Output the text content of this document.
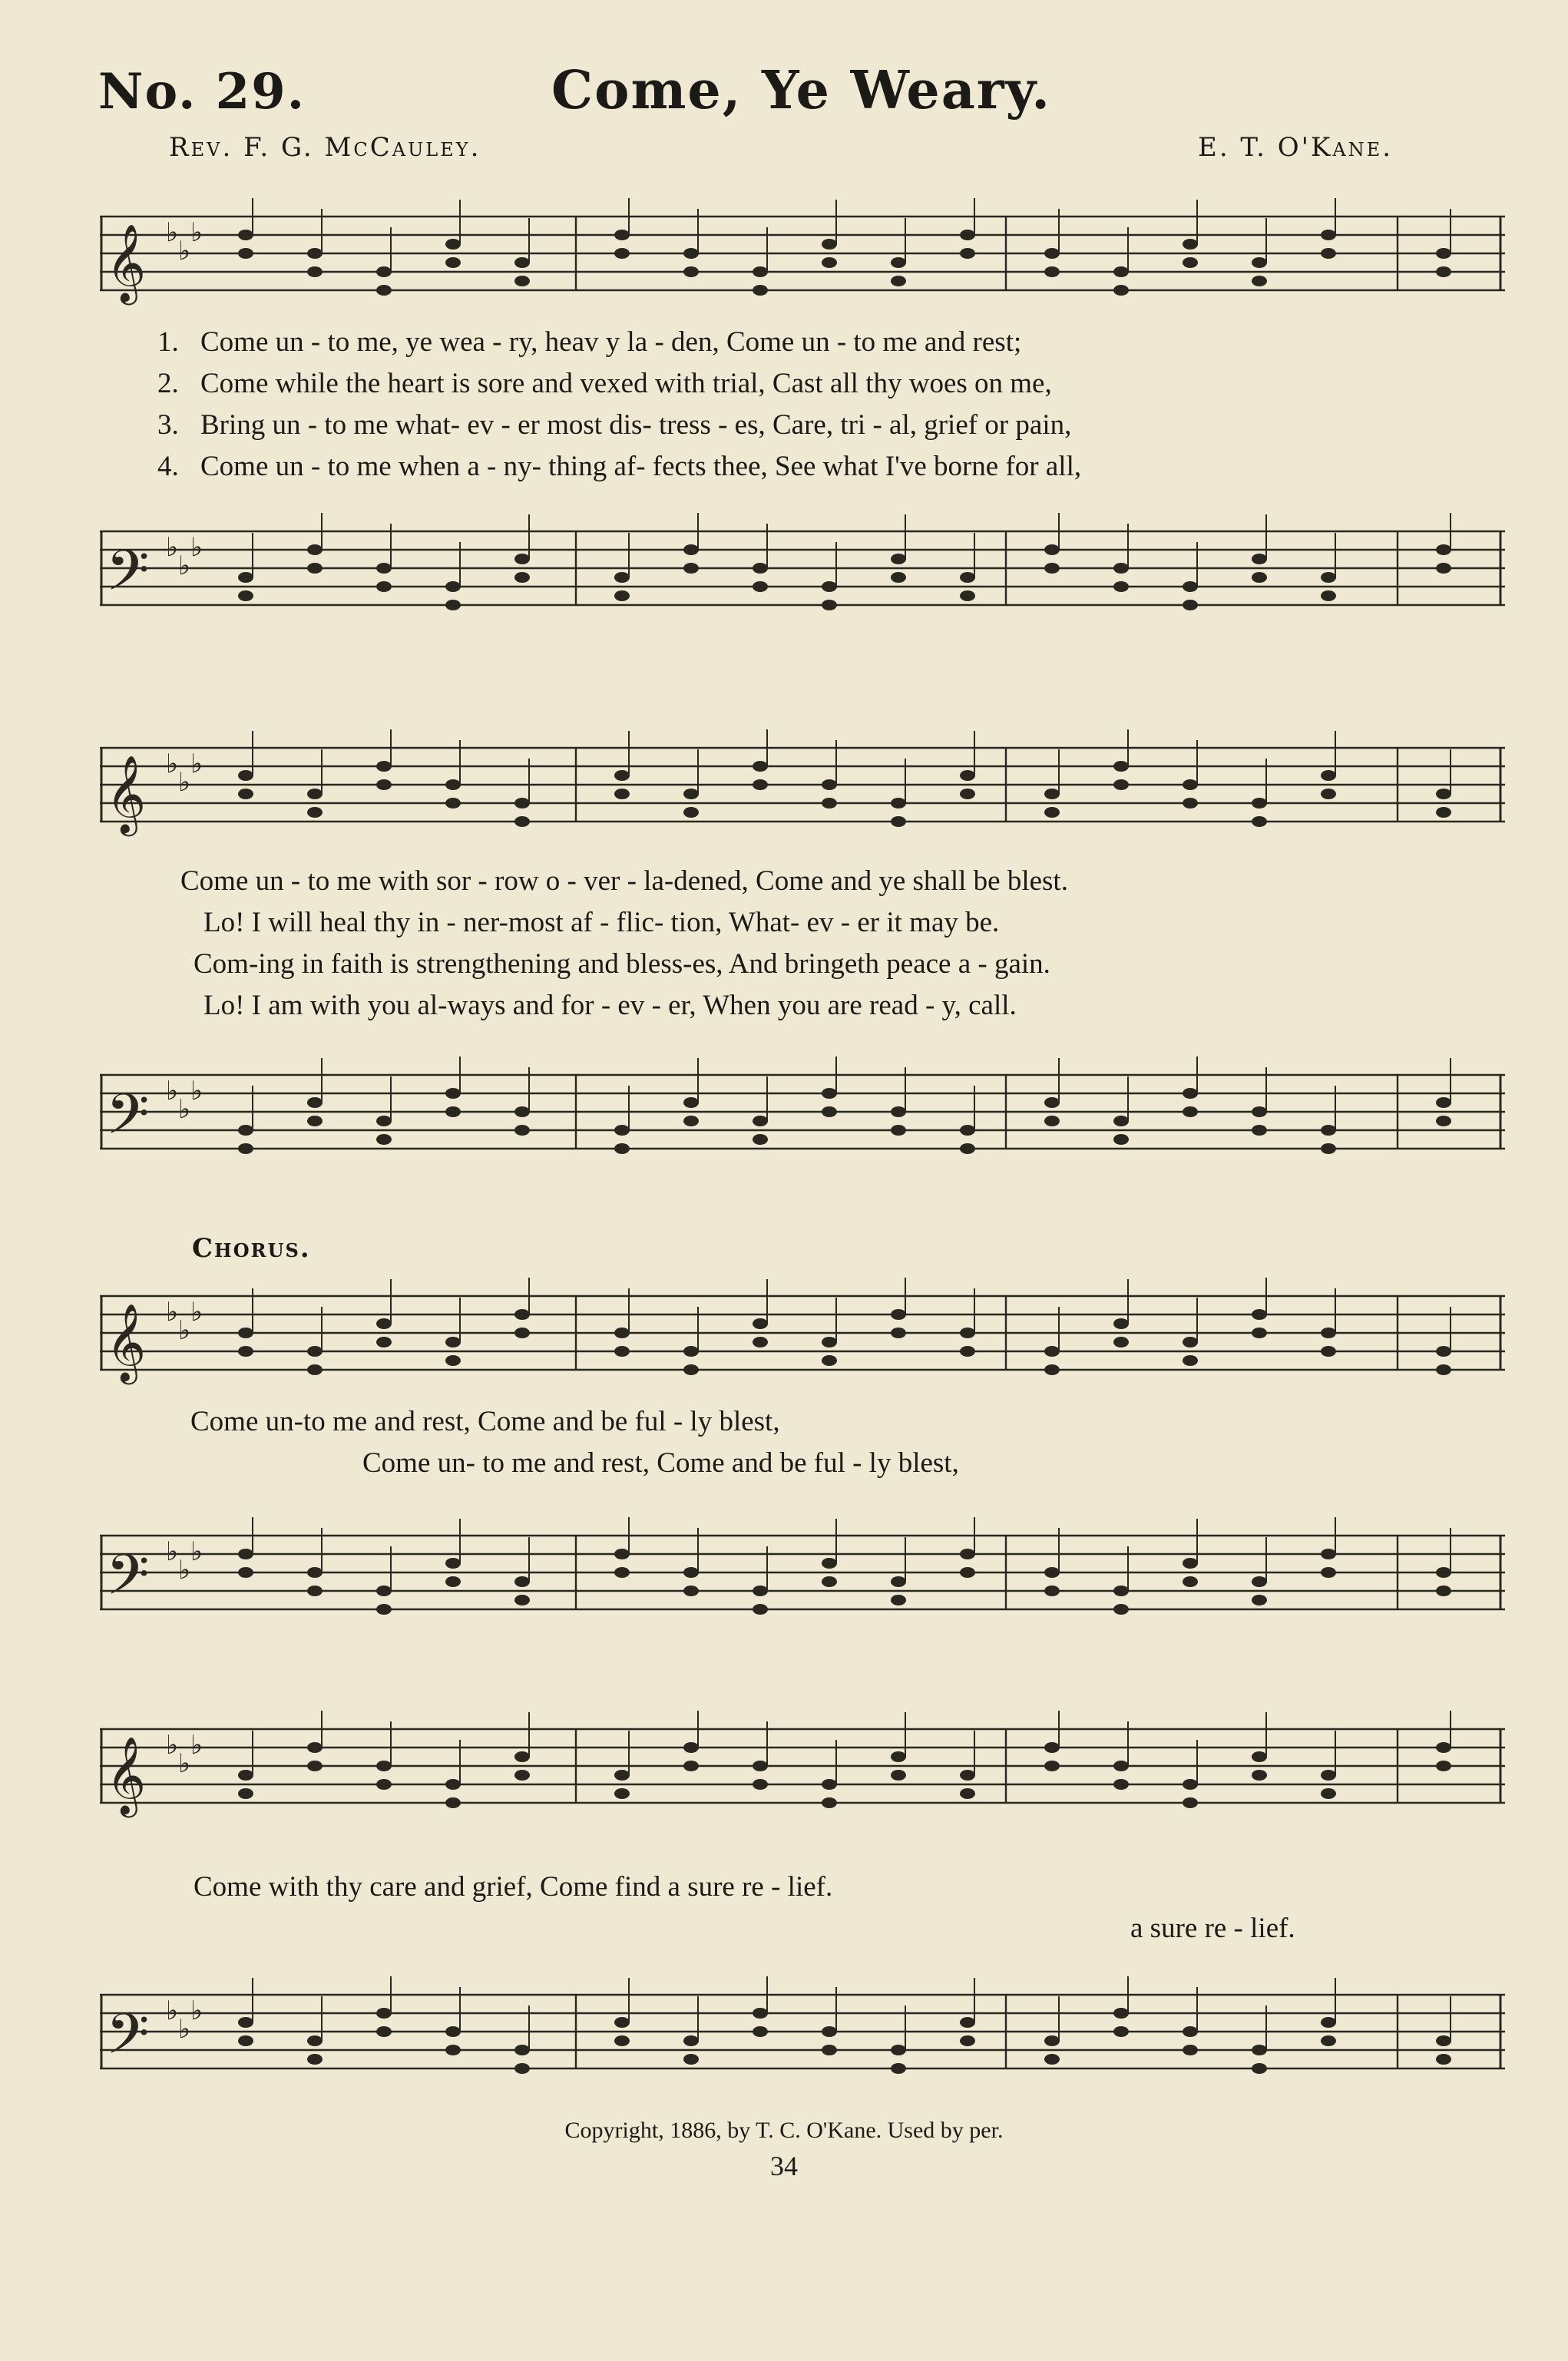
No. 29.	Come, Ye Weary.
Rev. F. G. McCauley.	E. T. O'Kane.
𝄞 ♭
♭
♭
1. Come un - to me, ye wea - ry, heav y la - den, Come un - to me and rest;
2. Come while the heart is sore and vexed with trial, Cast all thy woes on me,
3. Bring un - to me what- ev - er most dis- tress - es, Care, tri - al, grief or pain,
4. Come un - to me when a - ny- thing af- fects thee, See what I've borne for all,
𝄢 ♭
♭
♭
𝄞 ♭
♭
♭
Come un - to me with sor - row o - ver - la-dened, Come and ye shall be blest.
Lo! I will heal thy in - ner-most af - flic- tion, What- ev - er it may be.
Com-ing in faith is strengthening and bless-es, And bringeth peace a - gain.
Lo! I am with you al-ways and for - ev - er, When you are read - y, call.
𝄢 ♭
♭
♭
Chorus.
𝄞 ♭
♭
♭
Come un-to me and rest, Come and be ful - ly blest,
Come un- to me and rest, Come and be ful - ly blest,
𝄢 ♭
♭
♭
𝄞 ♭
♭
♭
Come with thy care and grief, Come find a sure re - lief.
a sure re - lief.
𝄢 ♭
♭
♭
Copyright, 1886, by T. C. O'Kane. Used by per.
34
